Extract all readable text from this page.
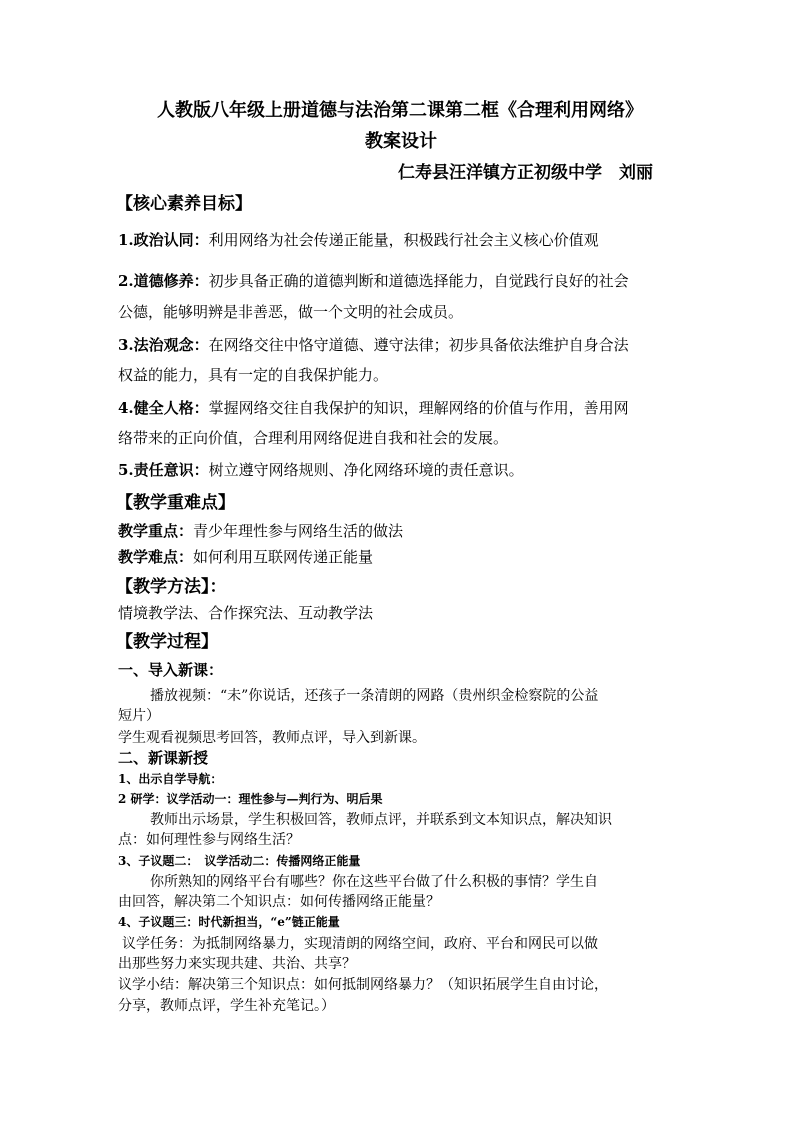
人教版八年级上册道德与法治第二课第二框《合理利用网络》
教案设计
仁寿县汪洋镇方正初级中学　刘丽
【核心素养目标】
1.政治认同：利用网络为社会传递正能量，积极践行社会主义核心价值观
2.道德修养：初步具备正确的道德判断和道德选择能力，自觉践行良好的社会
公德，能够明辨是非善恶，做一个文明的社会成员。
3.法治观念：在网络交往中恪守道德、遵守法律；初步具备依法维护自身合法
权益的能力，具有一定的自我保护能力。
4.健全人格：掌握网络交往自我保护的知识，理解网络的价值与作用，善用网
络带来的正向价值，合理利用网络促进自我和社会的发展。
5.责任意识：树立遵守网络规则、净化网络环境的责任意识。
【教学重难点】
教学重点：青少年理性参与网络生活的做法
教学难点：如何利用互联网传递正能量
【教学方法】：
情境教学法、合作探究法、互动教学法
【教学过程】
一、导入新课：
播放视频：“未”你说话，还孩子一条清朗的网路（贵州织金检察院的公益
短片）
学生观看视频思考回答，教师点评，导入到新课。
二、新课新授
1、出示自学导航：
2 研学：议学活动一：理性参与—判行为、明后果
教师出示场景，学生积极回答，教师点评，并联系到文本知识点，解决知识
点：如何理性参与网络生活？
3、子议题二：　议学活动二：传播网络正能量
你所熟知的网络平台有哪些？你在这些平台做了什么积极的事情？学生自
由回答，解决第二个知识点：如何传播网络正能量？
4、子议题三：时代新担当，“e”链正能量
议学任务：为抵制网络暴力，实现清朗的网络空间，政府、平台和网民可以做
出那些努力来实现共建、共治、共享？
议学小结：解决第三个知识点：如何抵制网络暴力？（知识拓展学生自由讨论，
分享，教师点评，学生补充笔记。）
